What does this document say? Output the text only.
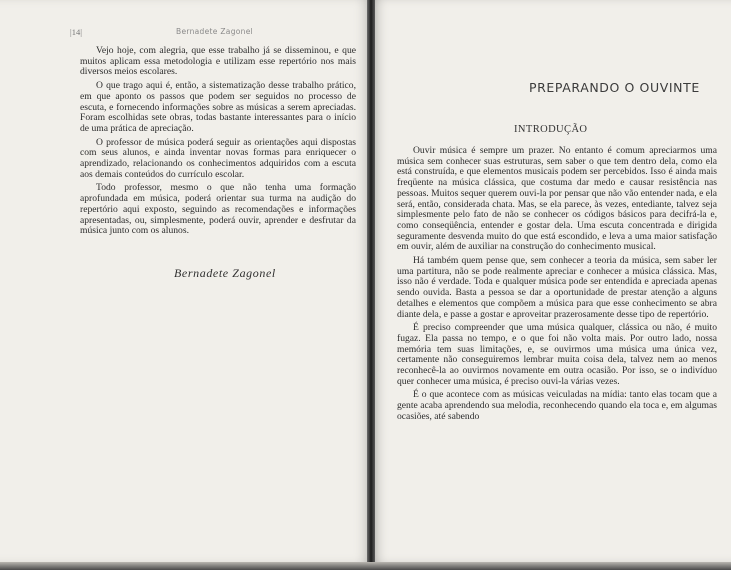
|14|	Bernadete Zagonel

Vejo hoje, com alegria, que esse trabalho já se disseminou, e que muitos aplicam essa metodologia e utilizam esse repertório nos mais diversos meios escolares.

O que trago aqui é, então, a sistematização desse trabalho prático, em que aponto os passos que podem ser seguidos no processo de escuta, e fornecendo informações sobre as músicas a serem apreciadas. Foram escolhidas sete obras, todas bastante interessantes para o início de uma prática de apreciação.

O professor de música poderá seguir as orientações aqui dispostas com seus alunos, e ainda inventar novas formas para enriquecer o aprendizado, relacionando os conhecimentos adquiridos com a escuta aos demais conteúdos do currículo escolar.

Todo professor, mesmo o que não tenha uma formação aprofundada em música, poderá orientar sua turma na audição do repertório aqui exposto, seguindo as recomendações e informações apresentadas, ou, simplesmente, poderá ouvir, aprender e desfrutar da música junto com os alunos.

Bernadete Zagonel
PREPARANDO O OUVINTE
INTRODUÇÃO

Ouvir música é sempre um prazer. No entanto é comum apreciarmos uma música sem conhecer suas estruturas, sem saber o que tem dentro dela, como ela está construída, e que elementos musicais podem ser percebidos. Isso é ainda mais freqüente na música clássica, que costuma dar medo e causar resistência nas pessoas. Muitos sequer querem ouvi-la por pensar que não vão entender nada, e ela será, então, considerada chata. Mas, se ela parece, às vezes, entediante, talvez seja simplesmente pelo fato de não se conhecer os códigos básicos para decifrá-la e, como conseqüência, entender e gostar dela. Uma escuta concentrada e dirigida seguramente desvenda muito do que está escondido, e leva a uma maior satisfação em ouvir, além de auxiliar na construção do conhecimento musical.

Há também quem pense que, sem conhecer a teoria da música, sem saber ler uma partitura, não se pode realmente apreciar e conhecer a música clássica. Mas, isso não é verdade. Toda e qualquer música pode ser entendida e apreciada apenas sendo ouvida. Basta a pessoa se dar a oportunidade de prestar atenção a alguns detalhes e elementos que compõem a música para que esse conhecimento se abra diante dela, e passe a gostar e aproveitar prazerosamente desse tipo de repertório.

É preciso compreender que uma música qualquer, clássica ou não, é muito fugaz. Ela passa no tempo, e o que foi não volta mais. Por outro lado, nossa memória tem suas limitações, e, se ouvirmos uma música uma única vez, certamente não conseguiremos lembrar muita coisa dela, talvez nem ao menos reconhecê-la ao ouvirmos novamente em outra ocasião. Por isso, se o indivíduo quer conhecer uma música, é preciso ouvi-la várias vezes.

É o que acontece com as músicas veiculadas na mídia: tanto elas tocam que a gente acaba aprendendo sua melodia, reconhecendo quando ela toca e, em algumas ocasiões, até sabendo
